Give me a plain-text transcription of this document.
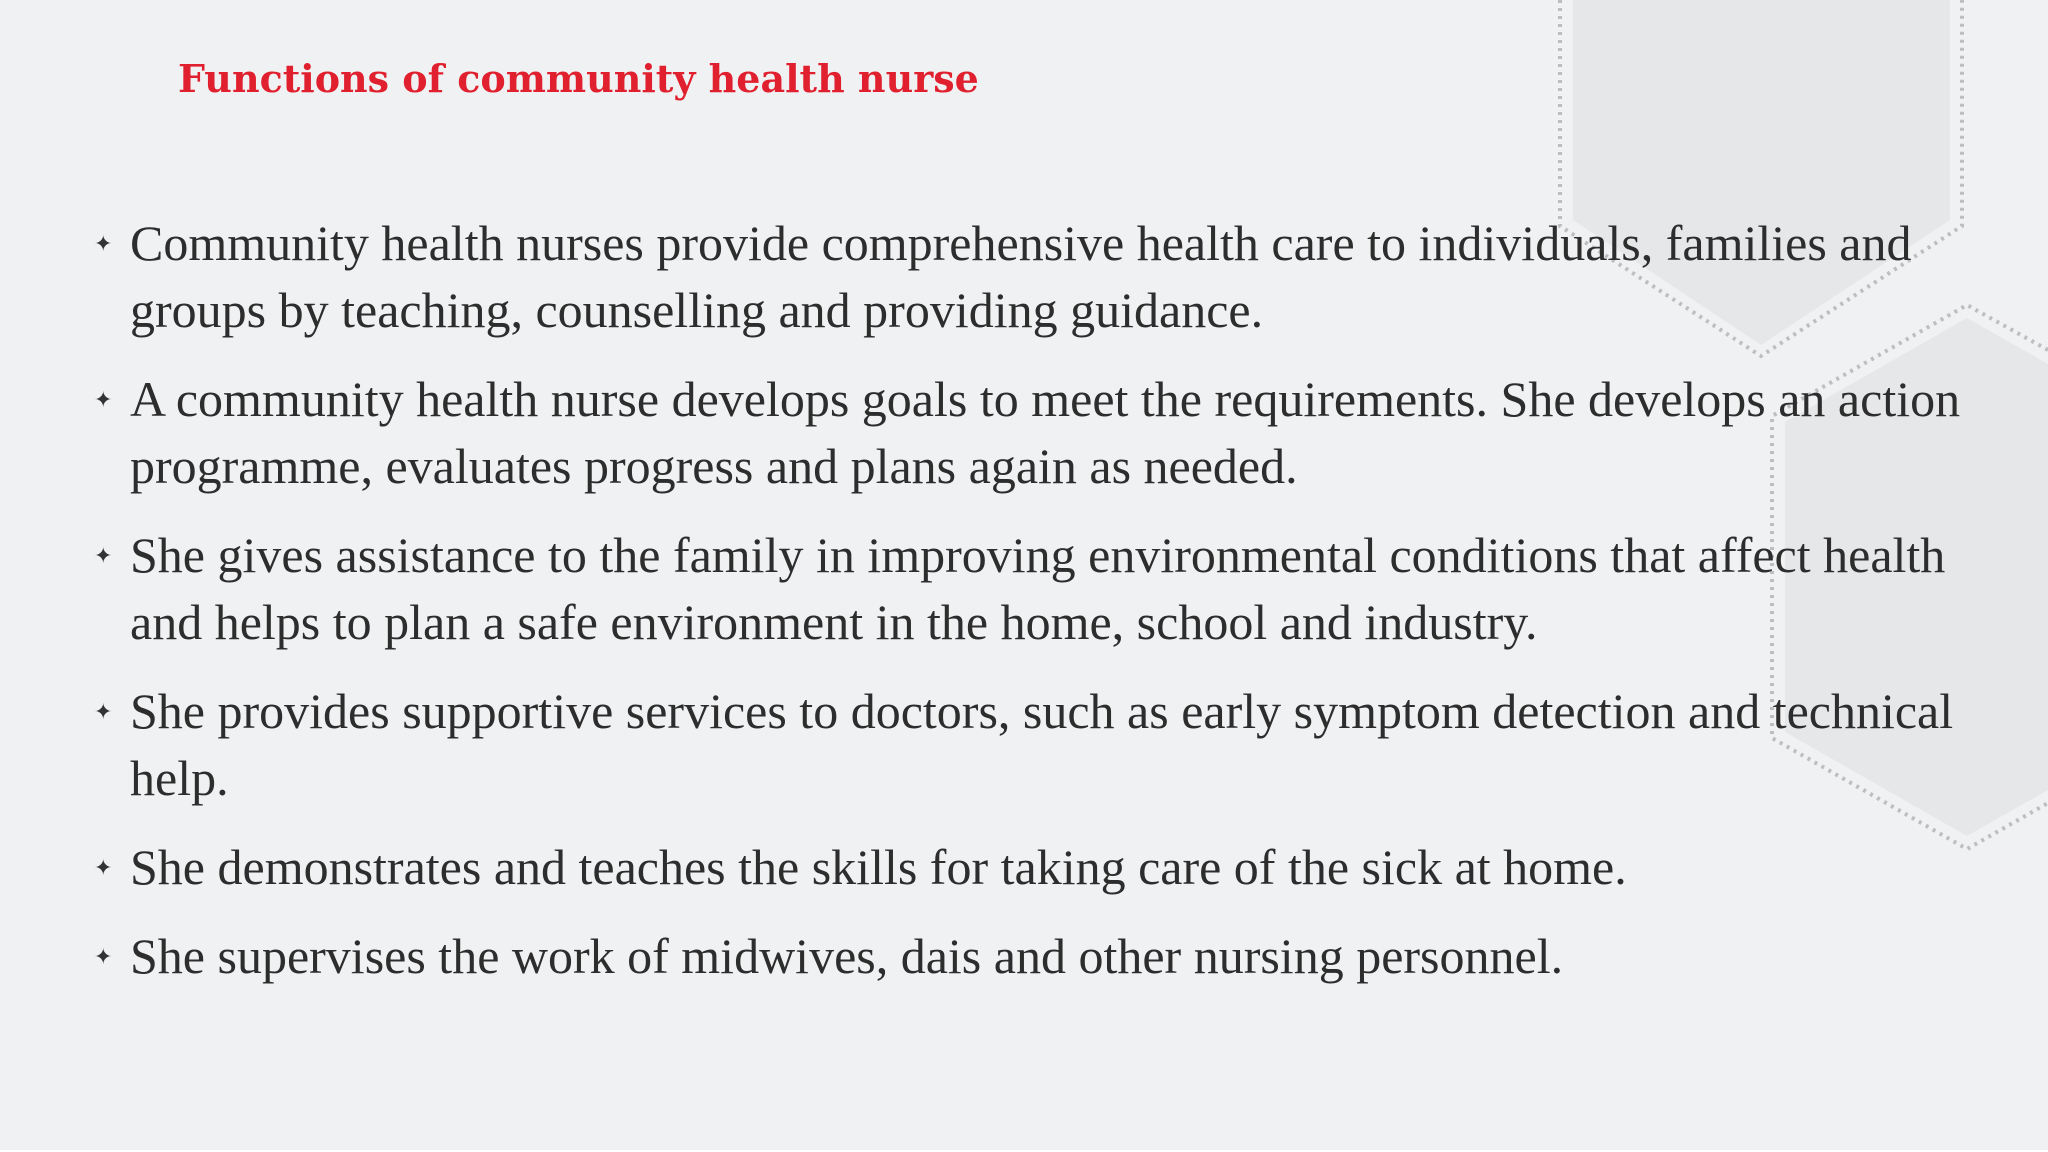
Functions of community health nurse
✦ Community health nurses provide comprehensive health care to individuals, families and groups by teaching, counselling and providing guidance.
✦ A community health nurse develops goals to meet the requirements. She develops an action programme, evaluates progress and plans again as needed.
✦ She gives assistance to the family in improving environmental conditions that affect health and helps to plan a safe environment in the home, school and industry.
✦ She provides supportive services to doctors, such as early symptom detection and technical help.
✦ She demonstrates and teaches the skills for taking care of the sick at home.
✦ She supervises the work of midwives, dais and other nursing personnel.
